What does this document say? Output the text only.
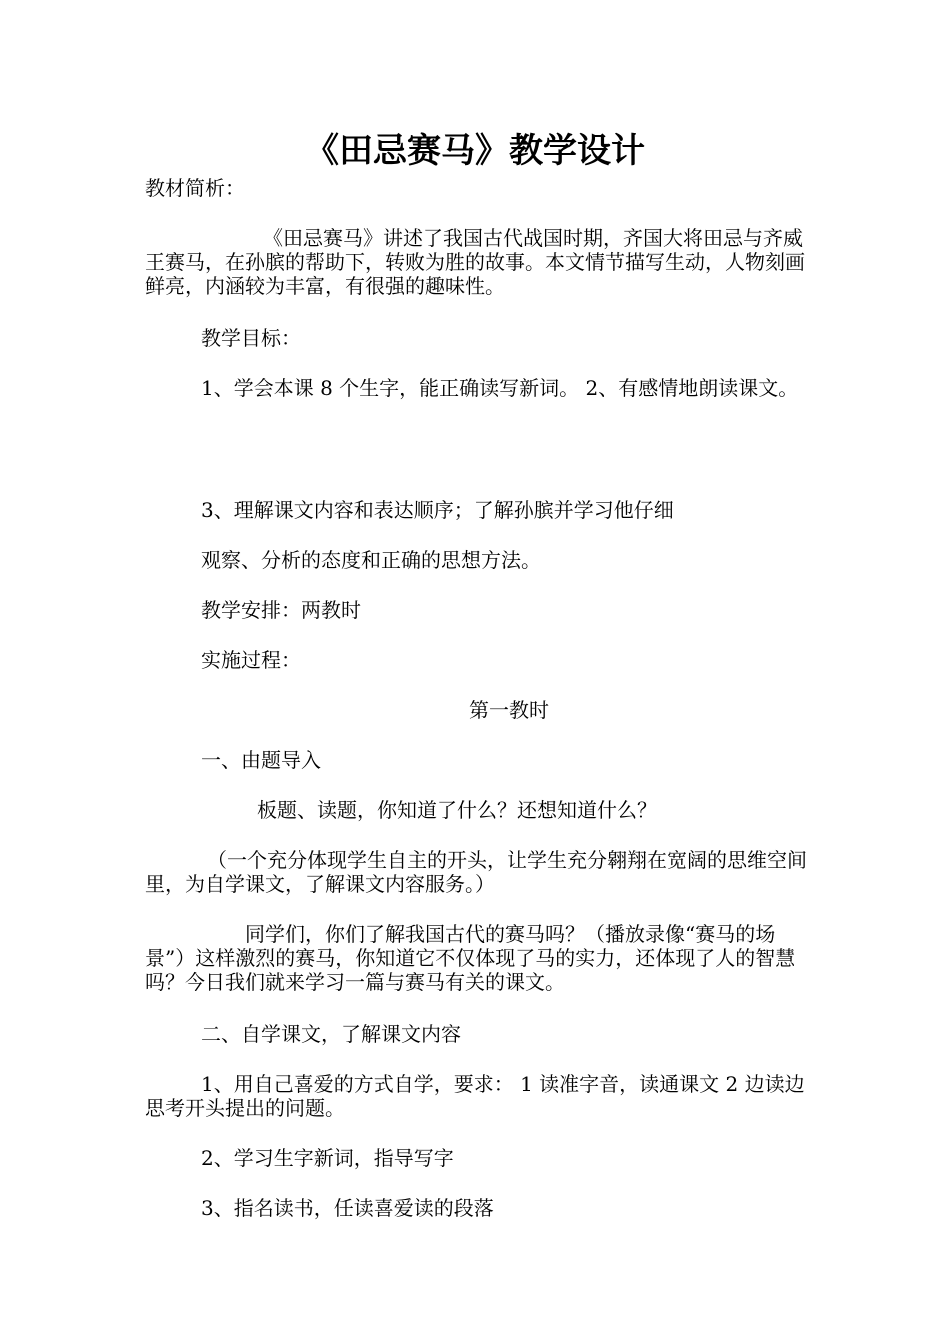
《田忌赛马》教学设计
教材简析：
《田忌赛马》讲述了我国古代战国时期，齐国大将田忌与齐威王赛马，在孙膑的帮助下，转败为胜的故事。本文情节描写生动，人物刻画鲜亮，内涵较为丰富，有很强的趣味性。
教学目标：
1、学会本课 8 个生字，能正确读写新词。 2、有感情地朗读课文。
3、理解课文内容和表达顺序；了解孙膑并学习他仔细
观察、分析的态度和正确的思想方法。
教学安排：两教时
实施过程：
第一教时
一、由题导入
板题、读题，你知道了什么？还想知道什么？
（一个充分体现学生自主的开头，让学生充分翱翔在宽阔的思维空间里，为自学课文，了解课文内容服务。）
同学们，你们了解我国古代的赛马吗？（播放录像“赛马的场景”）这样激烈的赛马，你知道它不仅体现了马的实力，还体现了人的智慧吗？今日我们就来学习一篇与赛马有关的课文。
二、自学课文，了解课文内容
1、用自己喜爱的方式自学，要求： 1 读准字音，读通课文 2 边读边思考开头提出的问题。
2、学习生字新词，指导写字
3、指名读书，任读喜爱读的段落
